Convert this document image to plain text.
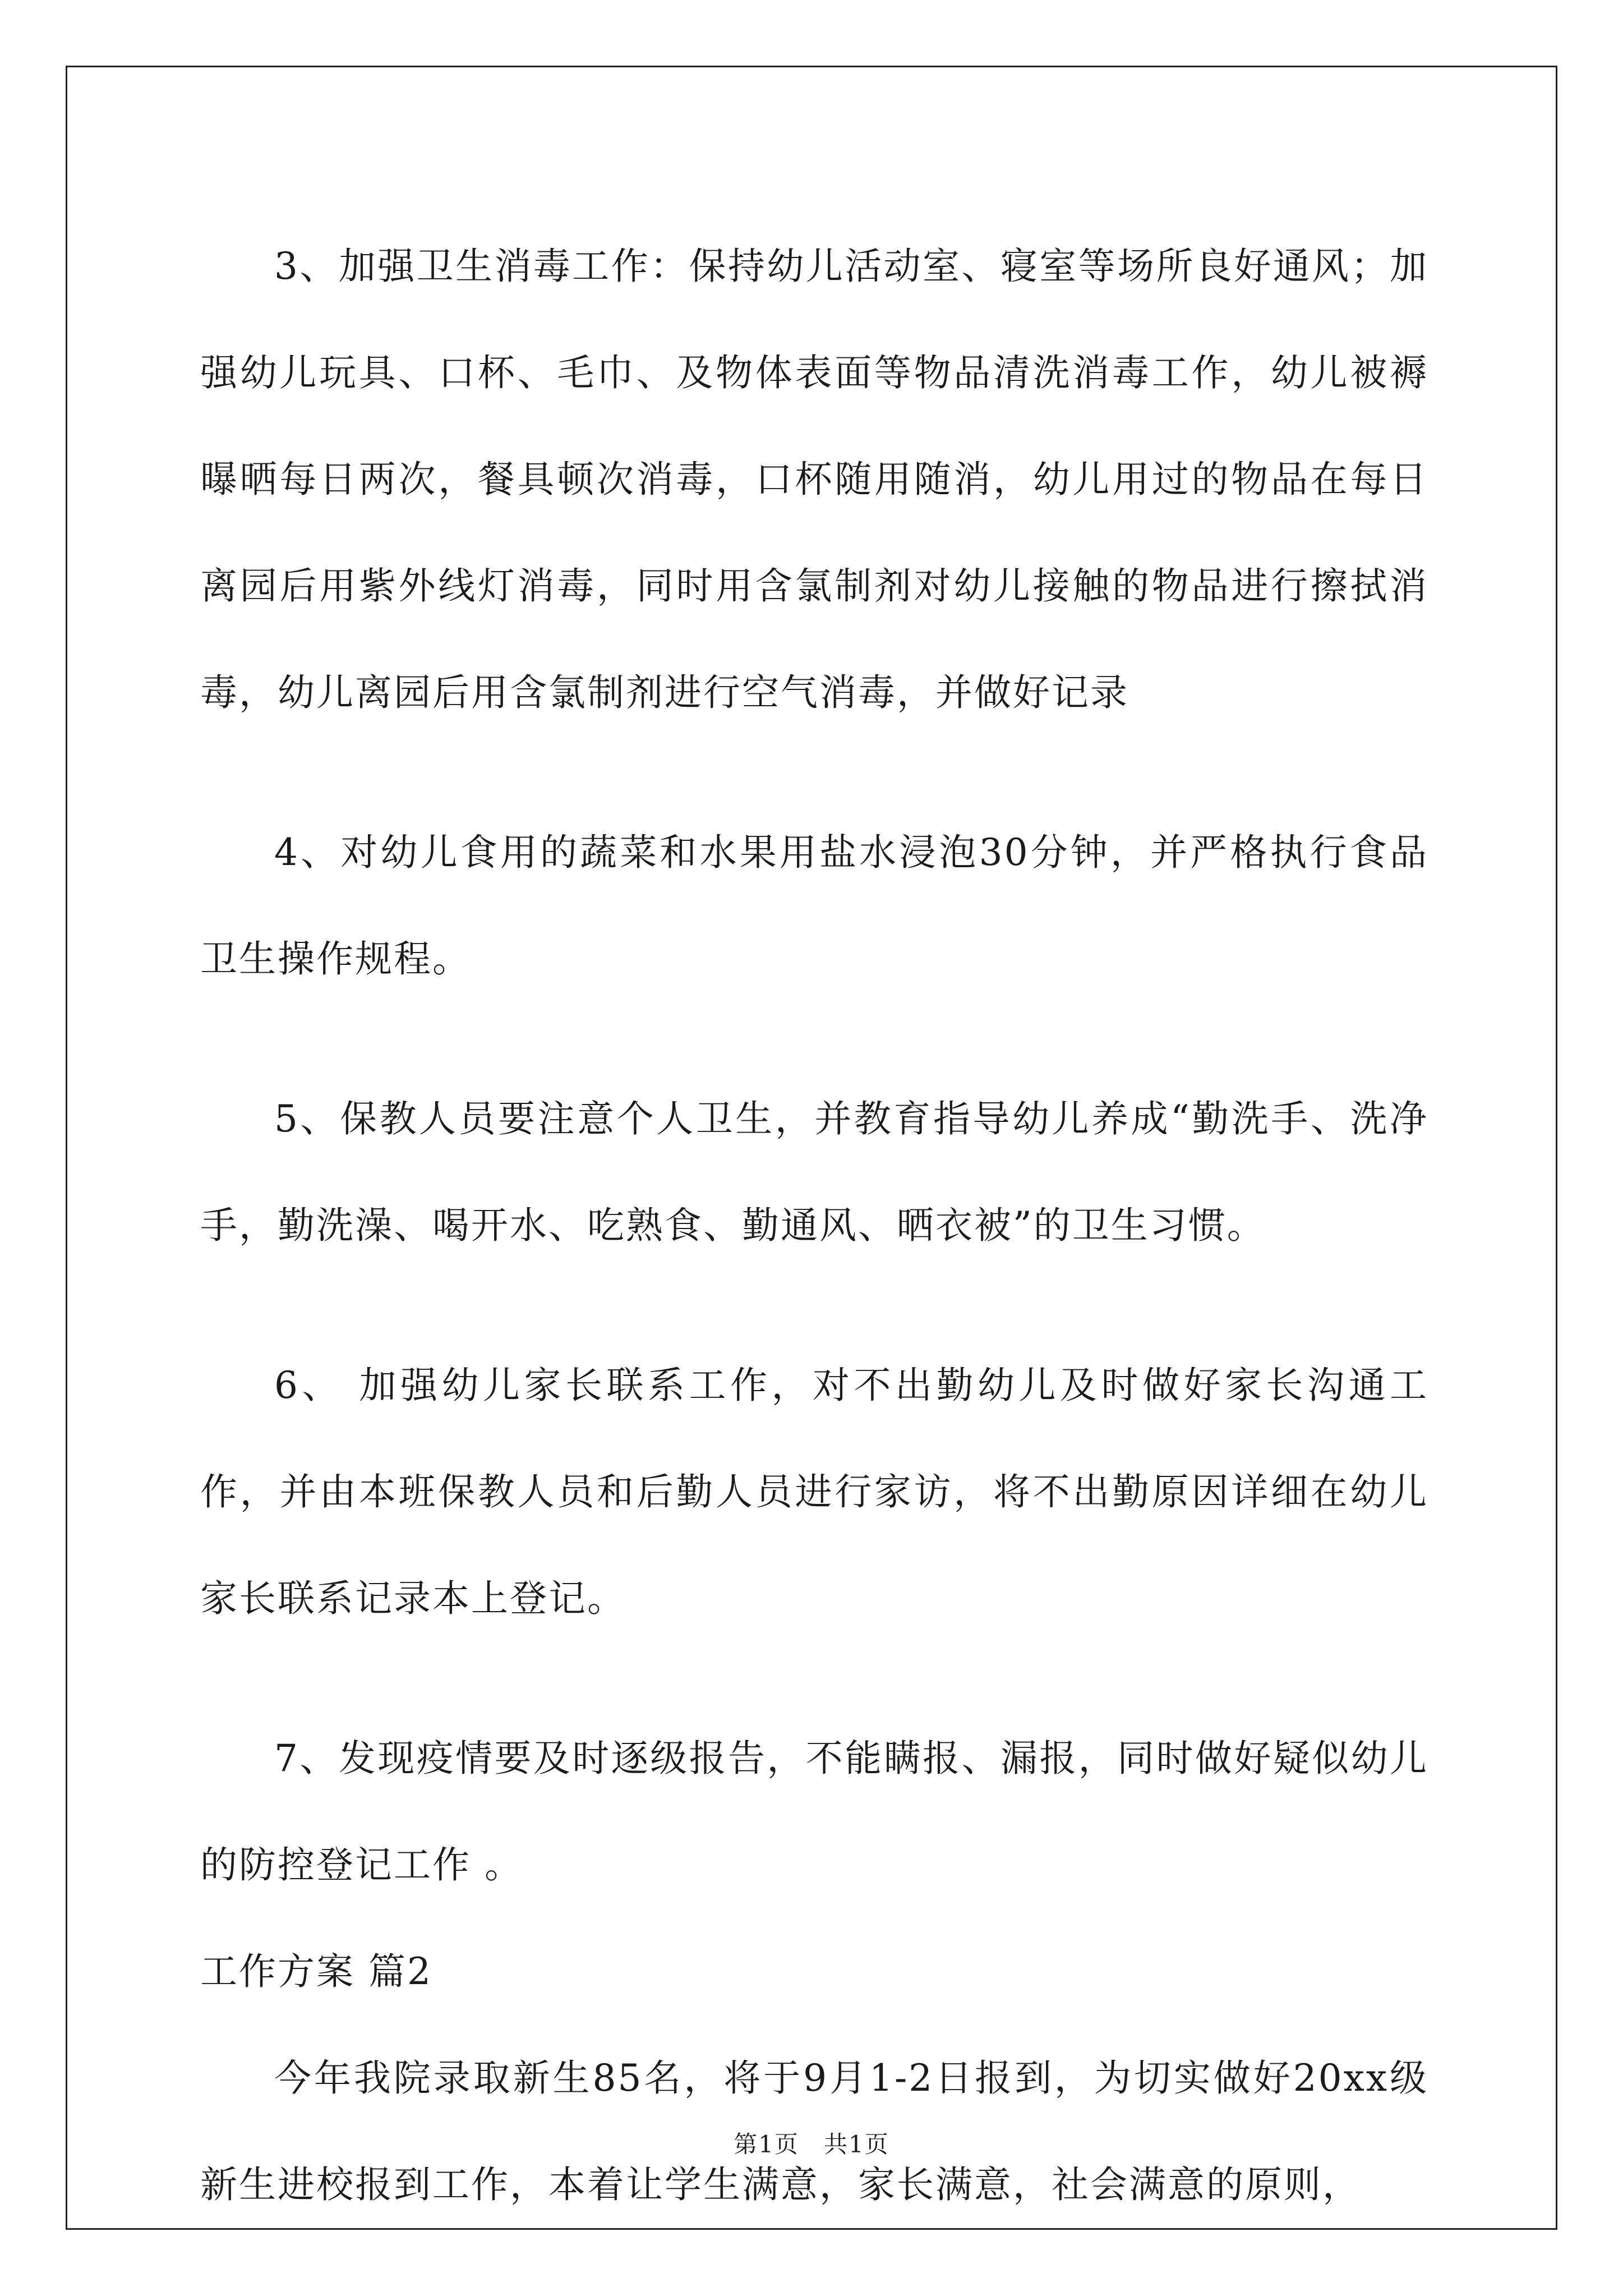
3、加强卫生消毒工作：保持幼儿活动室、寝室等场所良好通风；加强幼儿玩具、口杯、毛巾、及物体表面等物品清洗消毒工作，幼儿被褥曝晒每日两次，餐具顿次消毒，口杯随用随消，幼儿用过的物品在每日离园后用紫外线灯消毒，同时用含氯制剂对幼儿接触的物品进行擦拭消毒，幼儿离园后用含氯制剂进行空气消毒，并做好记录

4、对幼儿食用的蔬菜和水果用盐水浸泡30分钟，并严格执行食品卫生操作规程。

5、保教人员要注意个人卫生，并教育指导幼儿养成“勤洗手、洗净手，勤洗澡、喝开水、吃熟食、勤通风、晒衣被”的卫生习惯。

6、 加强幼儿家长联系工作，对不出勤幼儿及时做好家长沟通工作，并由本班保教人员和后勤人员进行家访，将不出勤原因详细在幼儿家长联系记录本上登记。

7、发现疫情要及时逐级报告，不能瞒报、漏报，同时做好疑似幼儿的防控登记工作 。

工作方案 篇2

今年我院录取新生85名，将于9月1-2日报到，为切实做好20xx级新生进校报到工作，本着让学生满意，家长满意，社会满意的原则，

第1页　共1页
